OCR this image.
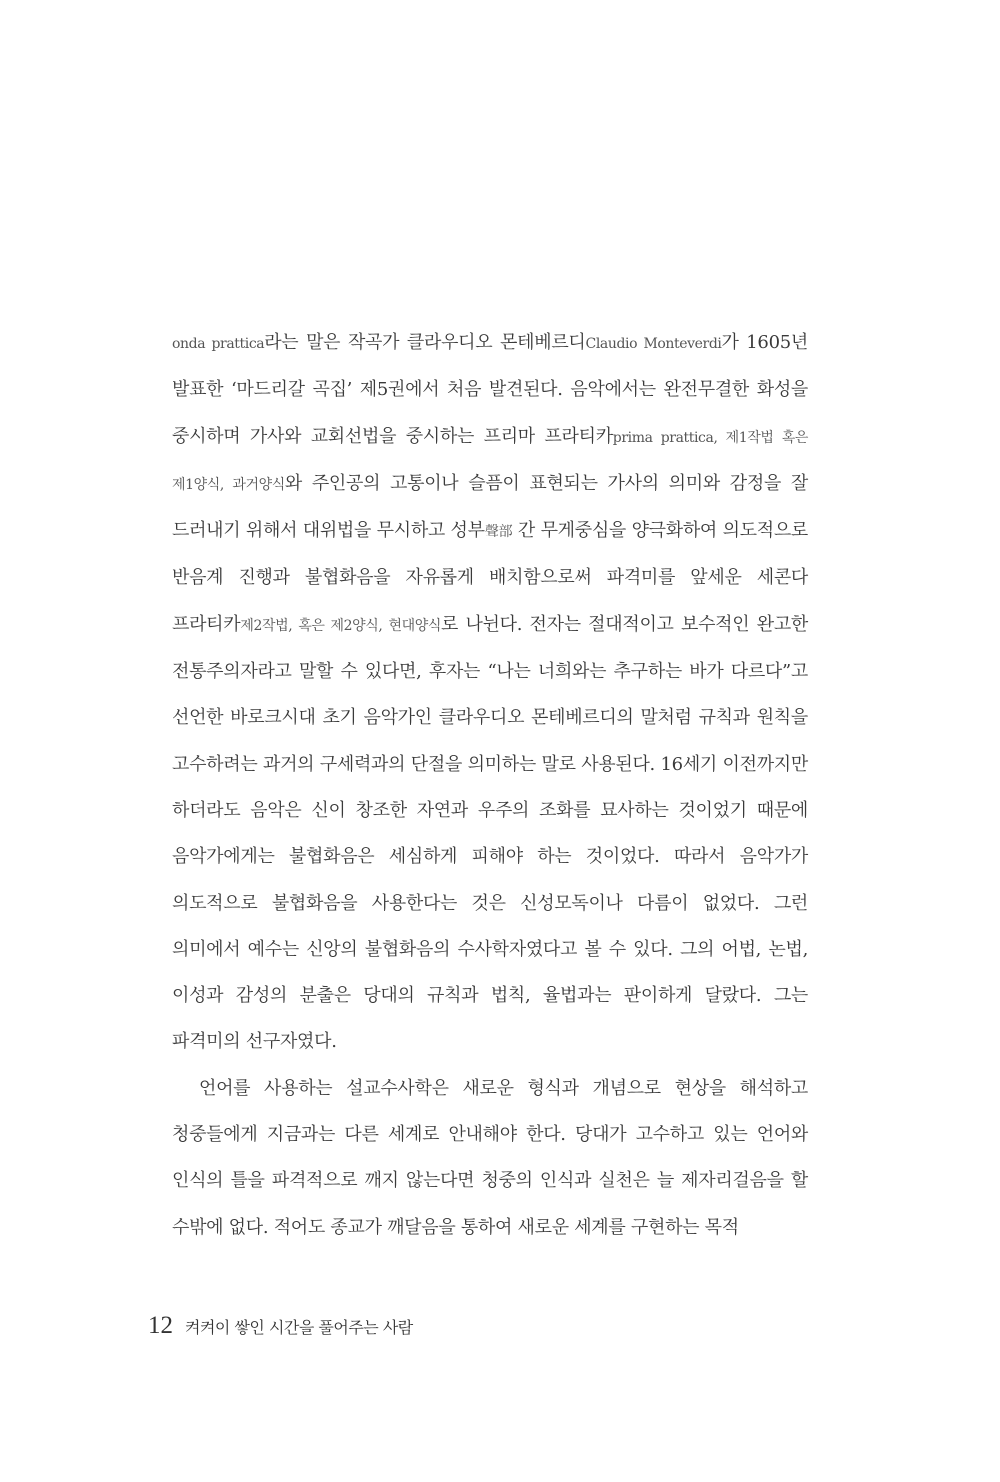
onda prattica라는 말은 작곡가 클라우디오 몬테베르디Claudio Monteverdi가 1605년 발표한 ‘마드리갈 곡집’ 제5권에서 처음 발견된다. 음악에서는 완전무결한 화성을 중시하며 가사와 교회선법을 중시하는 프리마 프라티카prima prattica, 제1작법 혹은 제1양식, 과거양식와 주인공의 고통이나 슬픔이 표현되는 가사의 의미와 감정을 잘 드러내기 위해서 대위법을 무시하고 성부聲部 간 무게중심을 양극화하여 의도적으로 반음계 진행과 불협화음을 자유롭게 배치함으로써 파격미를 앞세운 세콘다 프라티카제2작법, 혹은 제2양식, 현대양식로 나뉜다. 전자는 절대적이고 보수적인 완고한 전통주의자라고 말할 수 있다면, 후자는 “나는 너희와는 추구하는 바가 다르다”고 선언한 바로크시대 초기 음악가인 클라우디오 몬테베르디의 말처럼 규칙과 원칙을 고수하려는 과거의 구세력과의 단절을 의미하는 말로 사용된다. 16세기 이전까지만 하더라도 음악은 신이 창조한 자연과 우주의 조화를 묘사하는 것이었기 때문에 음악가에게는 불협화음은 세심하게 피해야 하는 것이었다. 따라서 음악가가 의도적으로 불협화음을 사용한다는 것은 신성모독이나 다름이 없었다. 그런 의미에서 예수는 신앙의 불협화음의 수사학자였다고 볼 수 있다. 그의 어법, 논법, 이성과 감성의 분출은 당대의 규칙과 법칙, 율법과는 판이하게 달랐다. 그는 파격미의 선구자였다.

언어를 사용하는 설교수사학은 새로운 형식과 개념으로 현상을 해석하고 청중들에게 지금과는 다른 세계로 안내해야 한다. 당대가 고수하고 있는 언어와 인식의 틀을 파격적으로 깨지 않는다면 청중의 인식과 실천은 늘 제자리걸음을 할 수밖에 없다. 적어도 종교가 깨달음을 통하여 새로운 세계를 구현하는 목적

12 켜켜이 쌓인 시간을 풀어주는 사람
